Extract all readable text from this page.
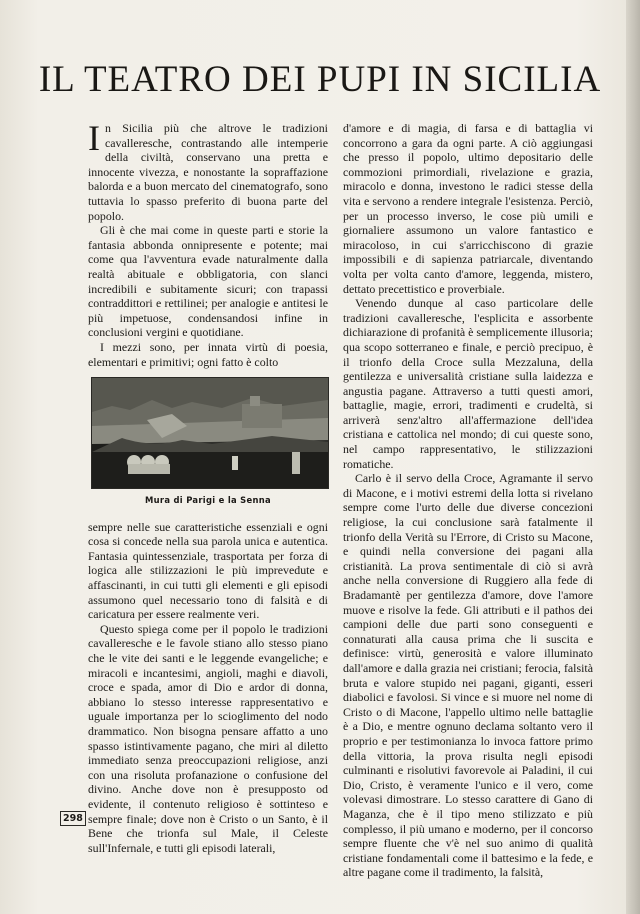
IL TEATRO DEI PUPI IN SICILIA

In Sicilia più che altrove le tradizioni cavalleresche, contrastando alle intemperie della civiltà, conservano una pretta e innocente vivezza, e nonostante la sopraffazione balorda e a buon mercato del cinematografo, sono tuttavia lo spasso preferito di buona parte del popolo.

Gli è che mai come in queste parti e storie la fantasia abbonda onnipresente e potente; mai come qua l'avventura evade naturalmente dalla realtà abituale e obbligatoria, con slanci incredibili e subitamente sicuri; con trapassi contraddittori e rettilinei; per analogie e antitesi le più impetuose, condensandosi infine in conclusioni vergini e quotidiane.

I mezzi sono, per innata virtù di poesia, elementari e primitivi; ogni fatto è colto

Mura di Parigi e la Senna

sempre nelle sue caratteristiche essenziali e ogni cosa si concede nella sua parola unica e autentica. Fantasia quintessenziale, trasportata per forza di logica alle stilizzazioni le più imprevedute e affascinanti, in cui tutti gli elementi e gli episodi assumono quel necessario tono di falsità e di caricatura per essere realmente veri.

Questo spiega come per il popolo le tradizioni cavalleresche e le favole stiano allo stesso piano che le vite dei santi e le leggende evangeliche; e miracoli e incantesimi, angioli, maghi e diavoli, croce e spada, amor di Dio e ardor di donna, abbiano lo stesso interesse rappresentativo e uguale importanza per lo scioglimento del nodo drammatico. Non bisogna pensare affatto a uno spasso istintivamente pagano, che miri al diletto immediato senza preoccupazioni religiose, anzi con una risoluta profanazione o confusione del divino. Anche dove non è presupposto od evidente, il contenuto religioso è sottinteso e sempre finale; dove non è Cristo o un Santo, è il Bene che trionfa sul Male, il Celeste sull'Infernale, e tutti gli episodi laterali,

d'amore e di magia, di farsa e di battaglia vi concorrono a gara da ogni parte. A ciò aggiungasi che presso il popolo, ultimo depositario delle commozioni primordiali, rivelazione e grazia, miracolo e donna, investono le radici stesse della vita e servono a rendere integrale l'esistenza. Perciò, per un processo inverso, le cose più umili e giornaliere assumono un valore fantastico e miracoloso, in cui s'arricchiscono di grazie impossibili e di sapienza patriarcale, diventando volta per volta canto d'amore, leggenda, mistero, dettato precettistico e proverbiale.

Venendo dunque al caso particolare delle tradizioni cavalleresche, l'esplicita e assorbente dichiarazione di profanità è semplicemente illusoria; qua scopo sotterraneo e finale, e perciò precipuo, è il trionfo della Croce sulla Mezzaluna, della gentilezza e universalità cristiane sulla laidezza e angustia pagane. Attraverso a tutti questi amori, battaglie, magie, errori, tradimenti e crudeltà, si arriverà senz'altro all'affermazione dell'idea cristiana e cattolica nel mondo; di cui queste sono, nel campo rappresentativo, le stilizzazioni romatiche.

Carlo è il servo della Croce, Agramante il servo di Macone, e i motivi estremi della lotta si rivelano sempre come l'urto delle due diverse concezioni religiose, la cui conclusione sarà fatalmente il trionfo della Verità su l'Errore, di Cristo su Macone, e quindi nella conversione dei pagani alla cristianità. La prova sentimentale di ciò si avrà anche nella conversione di Ruggiero alla fede di Bradamantè per gentilezza d'amore, dove l'amore muove e risolve la fede. Gli attributi e il pathos dei campioni delle due parti sono conseguenti e connaturati alla causa prima che li suscita e definisce: virtù, generosità e valore illuminato dall'amore e dalla grazia nei cristiani; ferocia, falsità bruta e valore stupido nei pagani, giganti, esseri diabolici e favolosi. Si vince e si muore nel nome di Cristo o di Macone, l'appello ultimo nelle battaglie è a Dio, e mentre ognuno declama soltanto vero il proprio e per testimonianza lo invoca fattore primo della vittoria, la prova risulta negli episodi culminanti e risolutivi favorevole ai Paladini, il cui Dio, Cristo, è veramente l'unico e il vero, come volevasi dimostrare. Lo stesso carattere di Gano di Maganza, che è il tipo meno stilizzato e più complesso, il più umano e moderno, per il concorso sempre fluente che v'è nel suo animo di qualità cristiane fondamentali come il battesimo e la fede, e altre pagane come il tradimento, la falsità,

298
